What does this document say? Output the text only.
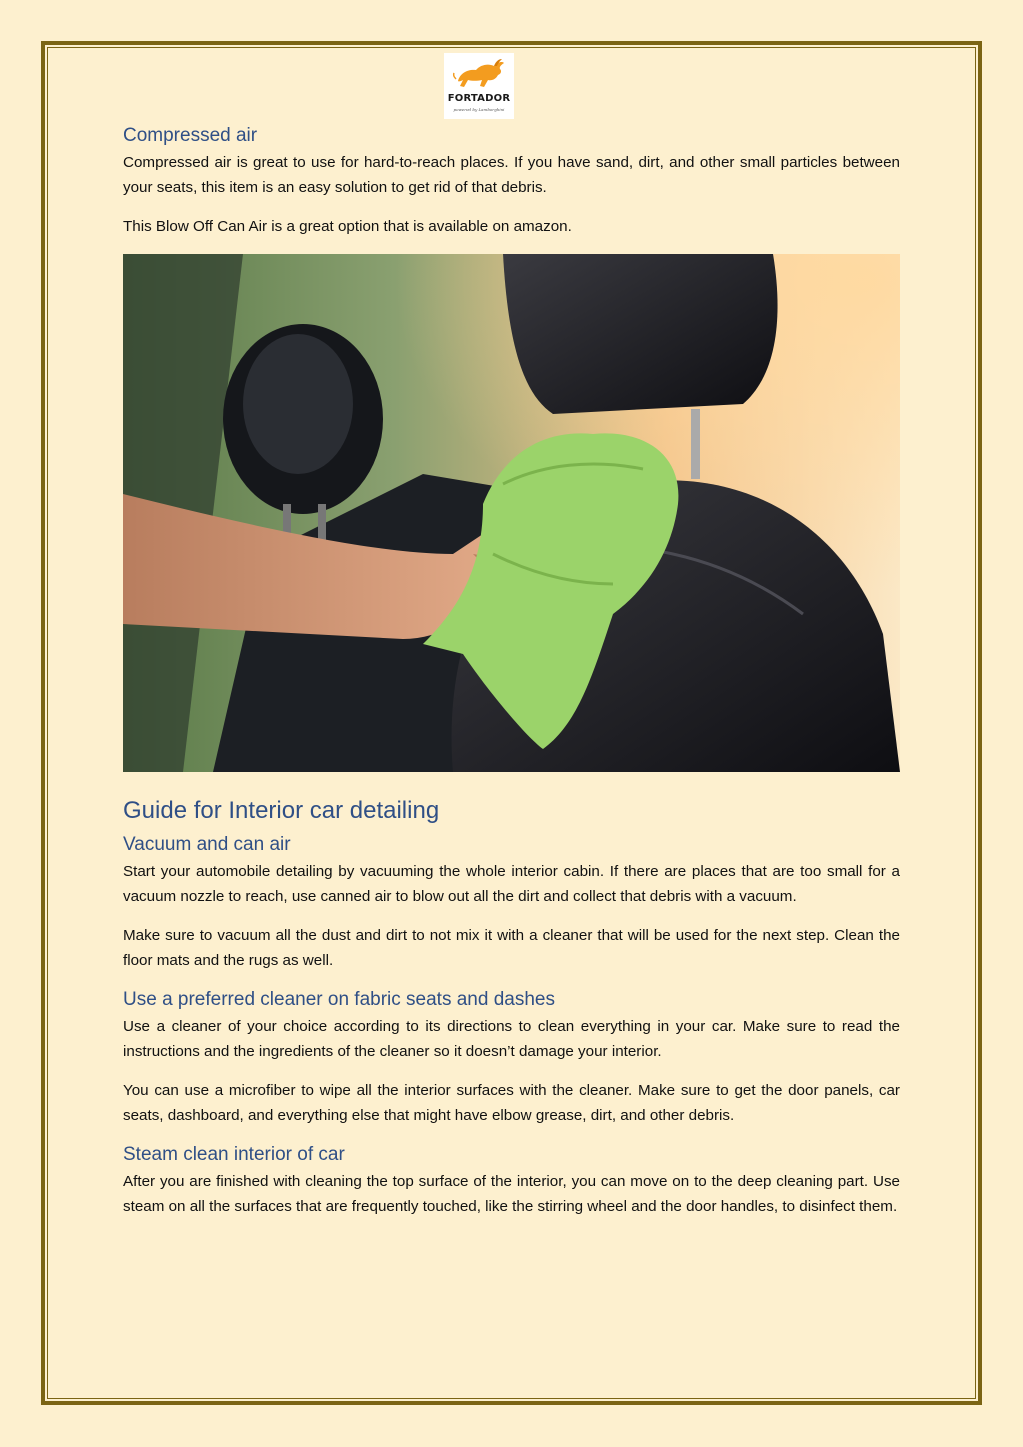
FORTADOR
powered by Lamborghini
Compressed air

Compressed air is great to use for hard-to-reach places. If you have sand, dirt, and other small particles between your seats, this item is an easy solution to get rid of that debris.

This Blow Off Can Air is a great option that is available on amazon.

Guide for Interior car detailing
Vacuum and can air

Start your automobile detailing by vacuuming the whole interior cabin. If there are places that are too small for a vacuum nozzle to reach, use canned air to blow out all the dirt and collect that debris with a vacuum.

Make sure to vacuum all the dust and dirt to not mix it with a cleaner that will be used for the next step. Clean the floor mats and the rugs as well.

Use a preferred cleaner on fabric seats and dashes

Use a cleaner of your choice according to its directions to clean everything in your car. Make sure to read the instructions and the ingredients of the cleaner so it doesn’t damage your interior.

You can use a microfiber to wipe all the interior surfaces with the cleaner. Make sure to get the door panels, car seats, dashboard, and everything else that might have elbow grease, dirt, and other debris.

Steam clean interior of car

After you are finished with cleaning the top surface of the interior, you can move on to the deep cleaning part. Use steam on all the surfaces that are frequently touched, like the stirring wheel and the door handles, to disinfect them.
